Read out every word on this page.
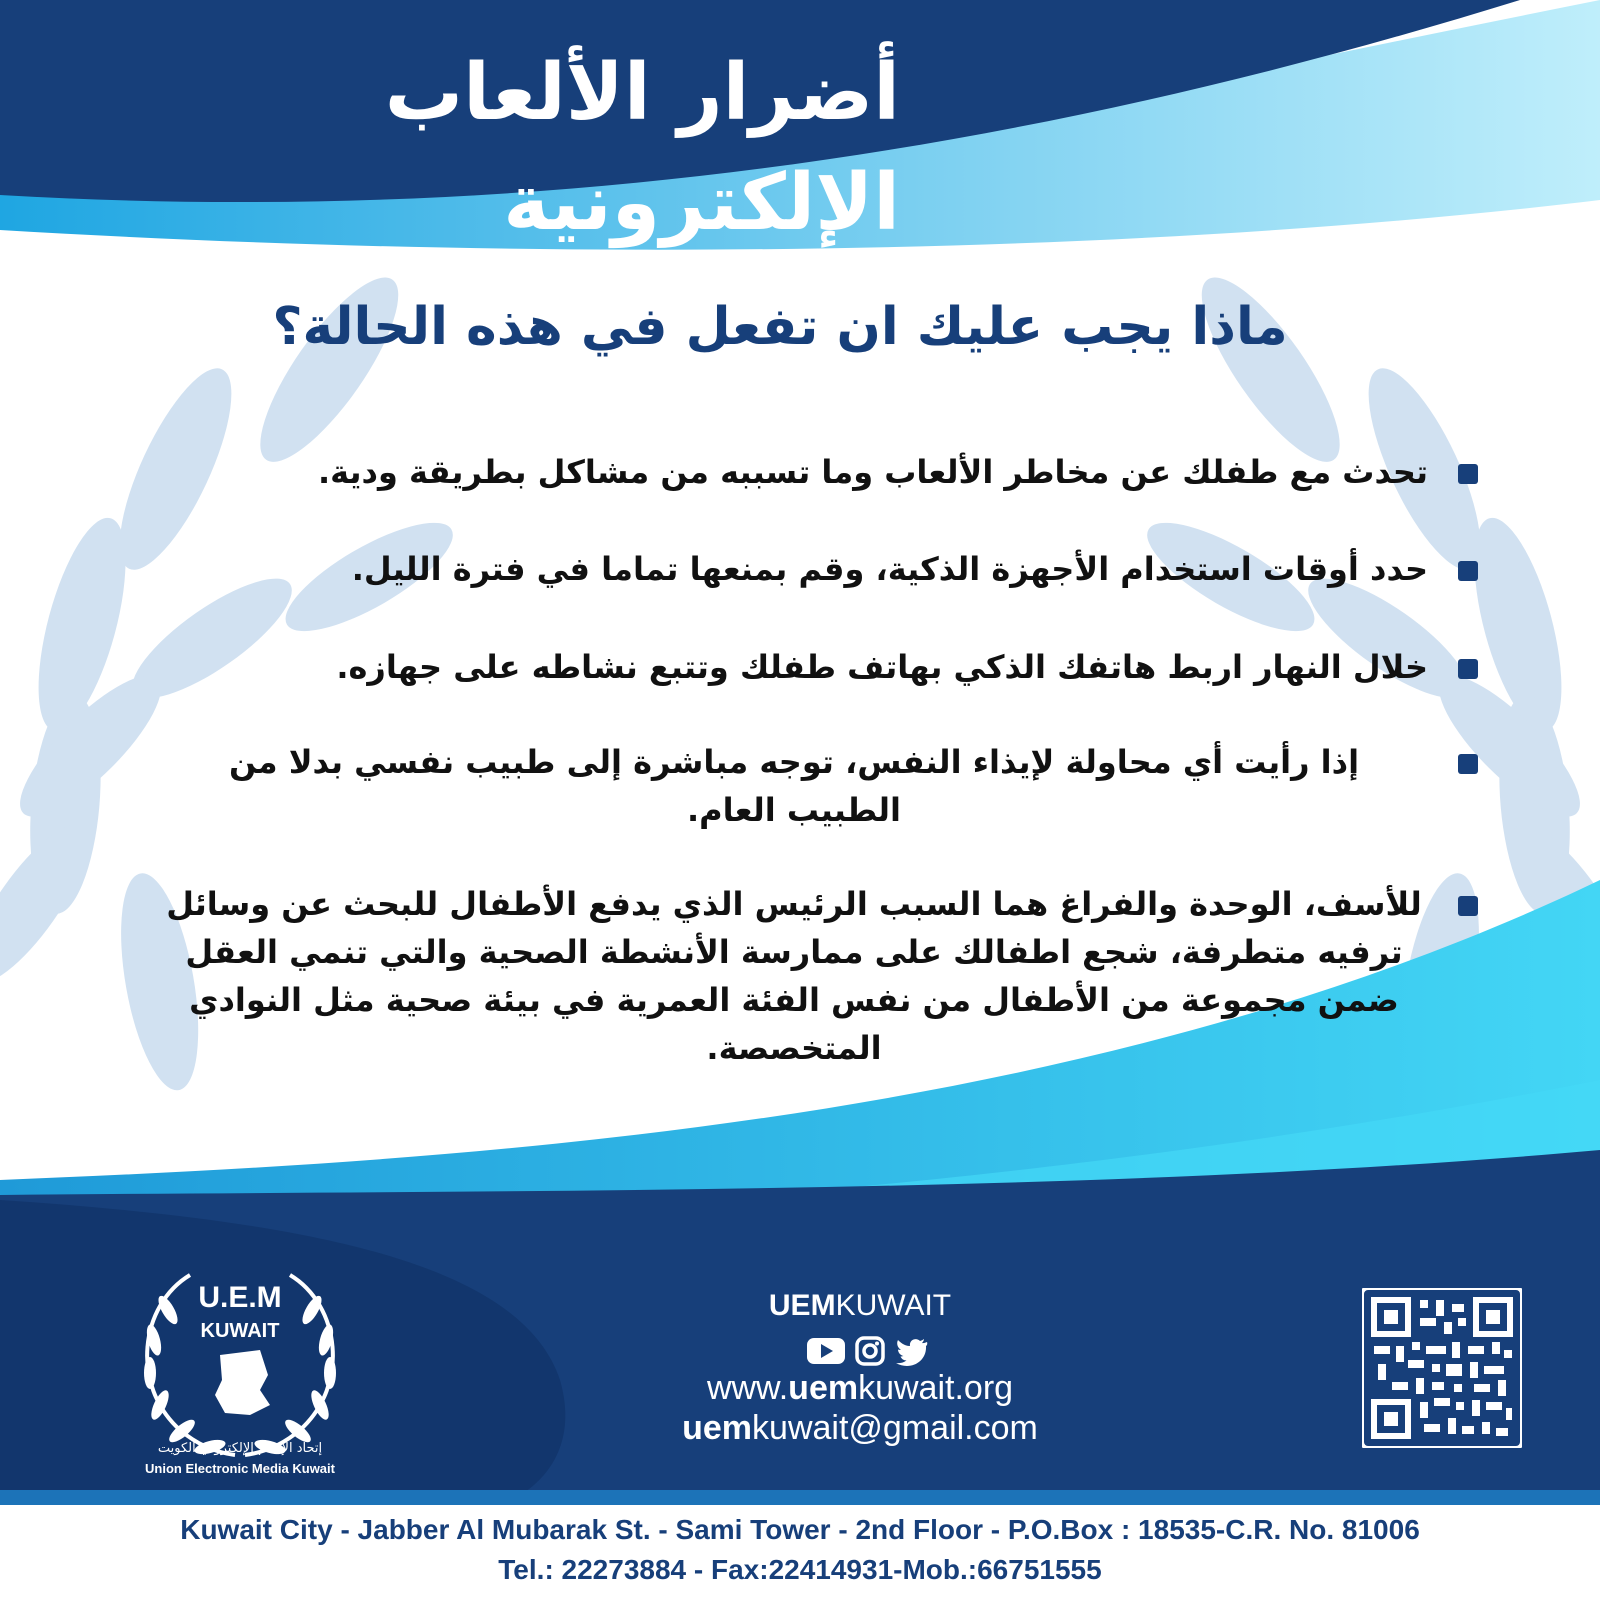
أضرار الألعاب الإلكترونية
ماذا يجب عليك ان تفعل في هذه الحالة؟
تحدث مع طفلك عن مخاطر الألعاب وما تسببه من مشاكل بطريقة ودية.
حدد أوقات استخدام الأجهزة الذكية، وقم بمنعها تماما في فترة الليل.
خلال النهار اربط هاتفك الذكي بهاتف طفلك وتتبع نشاطه على جهازه.
إذا رأيت أي محاولة لإيذاء النفس، توجه مباشرة إلى طبيب نفسي بدلا من الطبيب العام.
للأسف، الوحدة والفراغ هما السبب الرئيس الذي يدفع الأطفال للبحث عن وسائل ترفيه متطرفة، شجع اطفالك على ممارسة الأنشطة الصحية والتي تنمي العقل ضمن مجموعة من الأطفال من نفس الفئة العمرية في بيئة صحية مثل النوادي المتخصصة.
U.E.M
KUWAIT
إتحاد الإعلام الإلكتروني الكويت
Union Electronic Media Kuwait
UEMKUWAIT
www.uemkuwait.org
uemkuwait@gmail.com
Kuwait City - Jabber Al Mubarak St. - Sami Tower - 2nd Floor - P.O.Box : 18535-C.R. No. 81006
Tel.: 22273884 - Fax:22414931-Mob.:66751555
